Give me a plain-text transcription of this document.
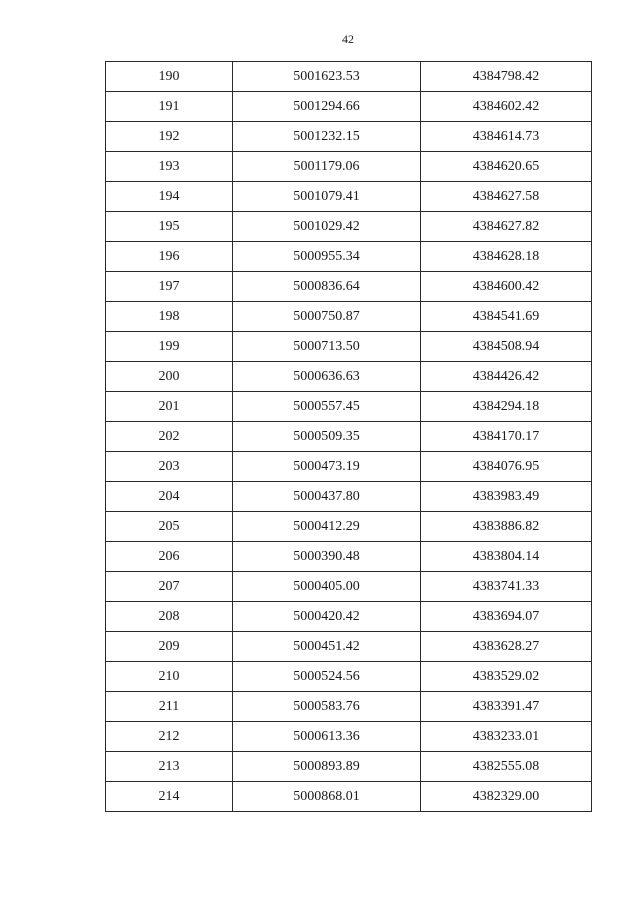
42
190	5001623.53	4384798.42
191	5001294.66	4384602.42
192	5001232.15	4384614.73
193	5001179.06	4384620.65
194	5001079.41	4384627.58
195	5001029.42	4384627.82
196	5000955.34	4384628.18
197	5000836.64	4384600.42
198	5000750.87	4384541.69
199	5000713.50	4384508.94
200	5000636.63	4384426.42
201	5000557.45	4384294.18
202	5000509.35	4384170.17
203	5000473.19	4384076.95
204	5000437.80	4383983.49
205	5000412.29	4383886.82
206	5000390.48	4383804.14
207	5000405.00	4383741.33
208	5000420.42	4383694.07
209	5000451.42	4383628.27
210	5000524.56	4383529.02
211	5000583.76	4383391.47
212	5000613.36	4383233.01
213	5000893.89	4382555.08
214	5000868.01	4382329.00
